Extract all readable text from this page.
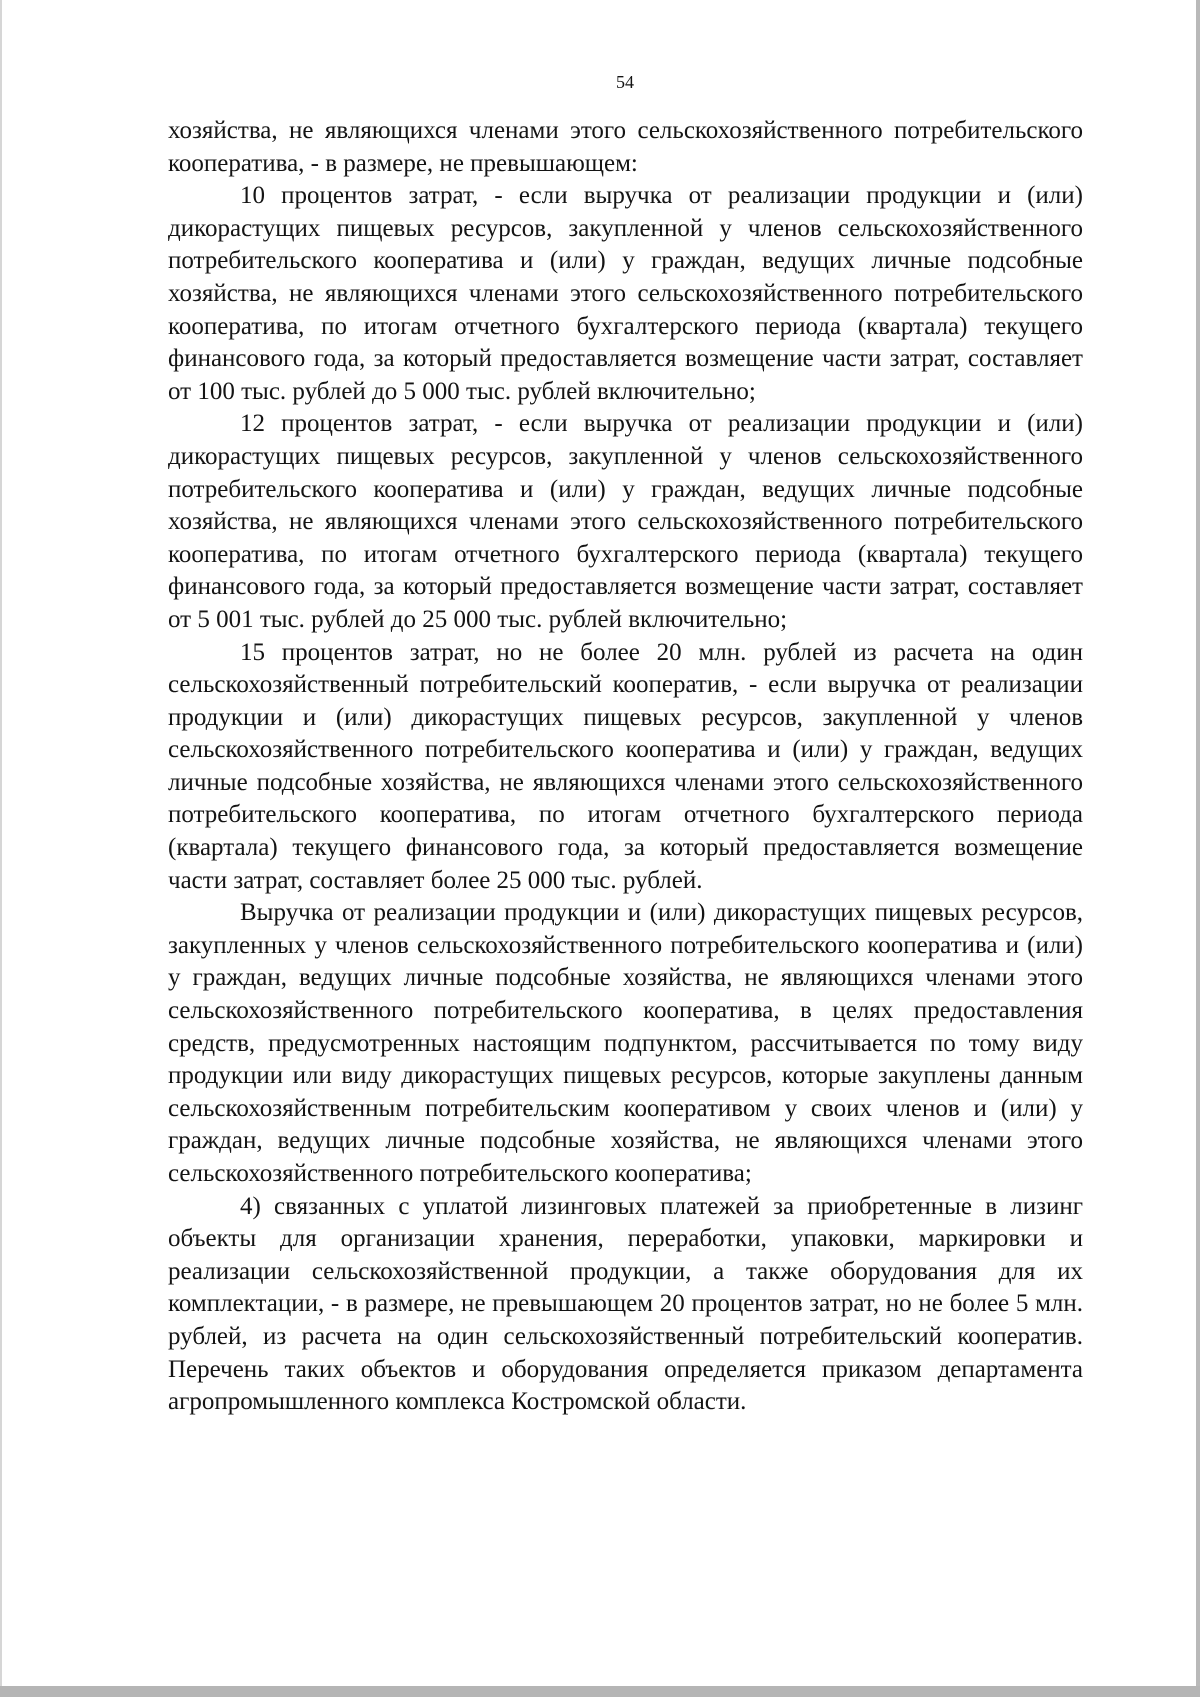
54

хозяйства, не являющихся членами этого сельскохозяйственного потребительского кооператива, - в размере, не превышающем:

10 процентов затрат, - если выручка от реализации продукции и (или) дикорастущих пищевых ресурсов, закупленной у членов сельскохозяйственного потребительского кооператива и (или) у граждан, ведущих личные подсобные хозяйства, не являющихся членами этого сельскохозяйственного потребительского кооператива, по итогам отчетного бухгалтерского периода (квартала) текущего финансового года, за который предоставляется возмещение части затрат, составляет от 100 тыс. рублей до 5 000 тыс. рублей включительно;

12 процентов затрат, - если выручка от реализации продукции и (или) дикорастущих пищевых ресурсов, закупленной у членов сельскохозяйственного потребительского кооператива и (или) у граждан, ведущих личные подсобные хозяйства, не являющихся членами этого сельскохозяйственного потребительского кооператива, по итогам отчетного бухгалтерского периода (квартала) текущего финансового года, за который предоставляется возмещение части затрат, составляет от 5 001 тыс. рублей до 25 000 тыс. рублей включительно;

15 процентов затрат, но не более 20 млн. рублей из расчета на один сельскохозяйственный потребительский кооператив, - если выручка от реализации продукции и (или) дикорастущих пищевых ресурсов, закупленной у членов сельскохозяйственного потребительского кооператива и (или) у граждан, ведущих личные подсобные хозяйства, не являющихся членами этого сельскохозяйственного потребительского кооператива, по итогам отчетного бухгалтерского периода (квартала) текущего финансового года, за который предоставляется возмещение части затрат, составляет более 25 000 тыс. рублей.

Выручка от реализации продукции и (или) дикорастущих пищевых ресурсов, закупленных у членов сельскохозяйственного потребительского кооператива и (или) у граждан, ведущих личные подсобные хозяйства, не являющихся членами этого сельскохозяйственного потребительского кооператива, в целях предоставления средств, предусмотренных настоящим подпунктом, рассчитывается по тому виду продукции или виду дикорастущих пищевых ресурсов, которые закуплены данным сельскохозяйственным потребительским кооперативом у своих членов и (или) у граждан, ведущих личные подсобные хозяйства, не являющихся членами этого сельскохозяйственного потребительского кооператива;

4) связанных с уплатой лизинговых платежей за приобретенные в лизинг объекты для организации хранения, переработки, упаковки, маркировки и реализации сельскохозяйственной продукции, а также оборудования для их комплектации, - в размере, не превышающем 20 процентов затрат, но не более 5 млн. рублей, из расчета на один сельскохозяйственный потребительский кооператив. Перечень таких объектов и оборудования определяется приказом департамента агропромышленного комплекса Костромской области.
